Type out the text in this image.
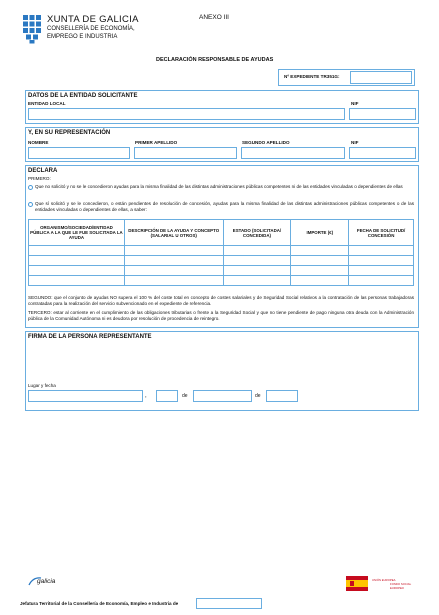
XUNTA DE GALICIA
CONSELLERÍA DE ECONOMÍA,
EMPREGO E INDUSTRIA
ANEXO III
DECLARACIÓN RESPONSABLE DE AYUDAS
Nº EXPEDIENTE TR351G:
DATOS DE LA ENTIDAD SOLICITANTE
ENTIDAD LOCAL	NIF
Y, EN SU REPRESENTACIÓN
NOMBRE	PRIMER APELLIDO	SEGUNDO APELLIDO	NIF
DECLARA
PRIMERO:
Que no solicitó y no se le concedieron ayudas para la misma finalidad de las distintas administraciones públicas competentes ni de las entidades vinculadas o dependientes de ellas
Que sí solicitó y se le concedieron, o están pendientes de resolución de concesión, ayudas para la misma finalidad de las distintas administraciones públicas competentes o de las entidades vinculadas o dependientes de ellas, a saber:
ORGANISMO/SOCIEDAD/ENTIDAD PÚBLICA A LA QUE LE FUE SOLICITADA LA AYUDA	DESCRIPCIÓN DE LA AYUDA Y CONCEPTO (SALARIAL U OTROS)	ESTADO (SOLICITADA/ CONCEDIDA)	IMPORTE (€)	FECHA DE SOLICITUD/ CONCESIÓN

SEGUNDO: que el conjunto de ayudas NO supera el 100 % del coste total en concepto de costes salariales y de Seguridad Social relativos a la contratación de las personas trabajadoras contratadas para la realización del servicio subvencionado en el expediente de referencia.
TERCERO: estar al corriente en el cumplimiento de las obligaciones tributarias o frente a la Seguridad Social y que no tiene pendiente de pago ninguna otra deuda con la Administración pública de la Comunidad Autónoma ni es deudora por resolución de procedencia de reintegro.
FIRMA DE LA PERSONA REPRESENTANTE
Lugar y fecha
,	de	de
galicia	UNIÓN EUROPEA
FONDO SOCIAL EUROPEO
Jefatura Territorial de la Consellería de Economía, Empleo e Industria de
